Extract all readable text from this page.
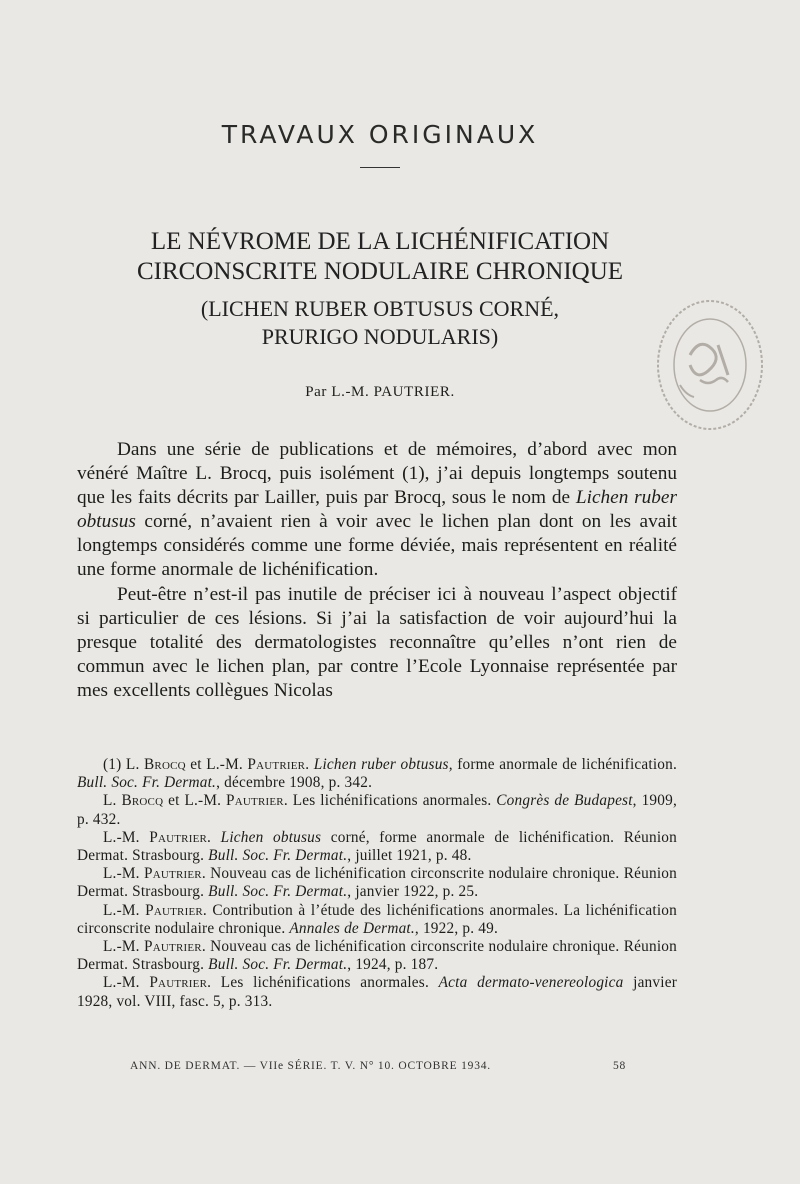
TRAVAUX ORIGINAUX
LE NÉVROME DE LA LICHÉNIFICATION
CIRCONSCRITE NODULAIRE CHRONIQUE
(LICHEN RUBER OBTUSUS CORNÉ,
PRURIGO NODULARIS)
Par L.-M. PAUTRIER.

Dans une série de publications et de mémoires, d’abord avec mon vénéré Maître L. Brocq, puis isolément (1), j’ai depuis longtemps soutenu que les faits décrits par Lailler, puis par Brocq, sous le nom de Lichen ruber obtusus corné, n’avaient rien à voir avec le lichen plan dont on les avait longtemps considérés comme une forme déviée, mais représentent en réalité une forme anormale de lichénification.

Peut-être n’est-il pas inutile de préciser ici à nouveau l’aspect objectif si particulier de ces lésions. Si j’ai la satisfaction de voir aujourd’hui la presque totalité des dermatologistes reconnaître qu’elles n’ont rien de commun avec le lichen plan, par contre l’Ecole Lyonnaise représentée par mes excellents collègues Nicolas

(1) L. Brocq et L.-M. Pautrier. Lichen ruber obtusus, forme anormale de lichénification. Bull. Soc. Fr. Dermat., décembre 1908, p. 342.

L. Brocq et L.-M. Pautrier. Les lichénifications anormales. Congrès de Budapest, 1909, p. 432.

L.-M. Pautrier. Lichen obtusus corné, forme anormale de lichénification. Réunion Dermat. Strasbourg. Bull. Soc. Fr. Dermat., juillet 1921, p. 48.

L.-M. Pautrier. Nouveau cas de lichénification circonscrite nodulaire chronique. Réunion Dermat. Strasbourg. Bull. Soc. Fr. Dermat., janvier 1922, p. 25.

L.-M. Pautrier. Contribution à l’étude des lichénifications anormales. La lichénification circonscrite nodulaire chronique. Annales de Dermat., 1922, p. 49.

L.-M. Pautrier. Nouveau cas de lichénification circonscrite nodulaire chronique. Réunion Dermat. Strasbourg. Bull. Soc. Fr. Dermat., 1924, p. 187.

L.-M. Pautrier. Les lichénifications anormales. Acta dermato-venereologica janvier 1928, vol. VIII, fasc. 5, p. 313.

ANN. DE DERMAT. — VIIe SÉRIE. T. V. N° 10. OCTOBRE 1934.	58
